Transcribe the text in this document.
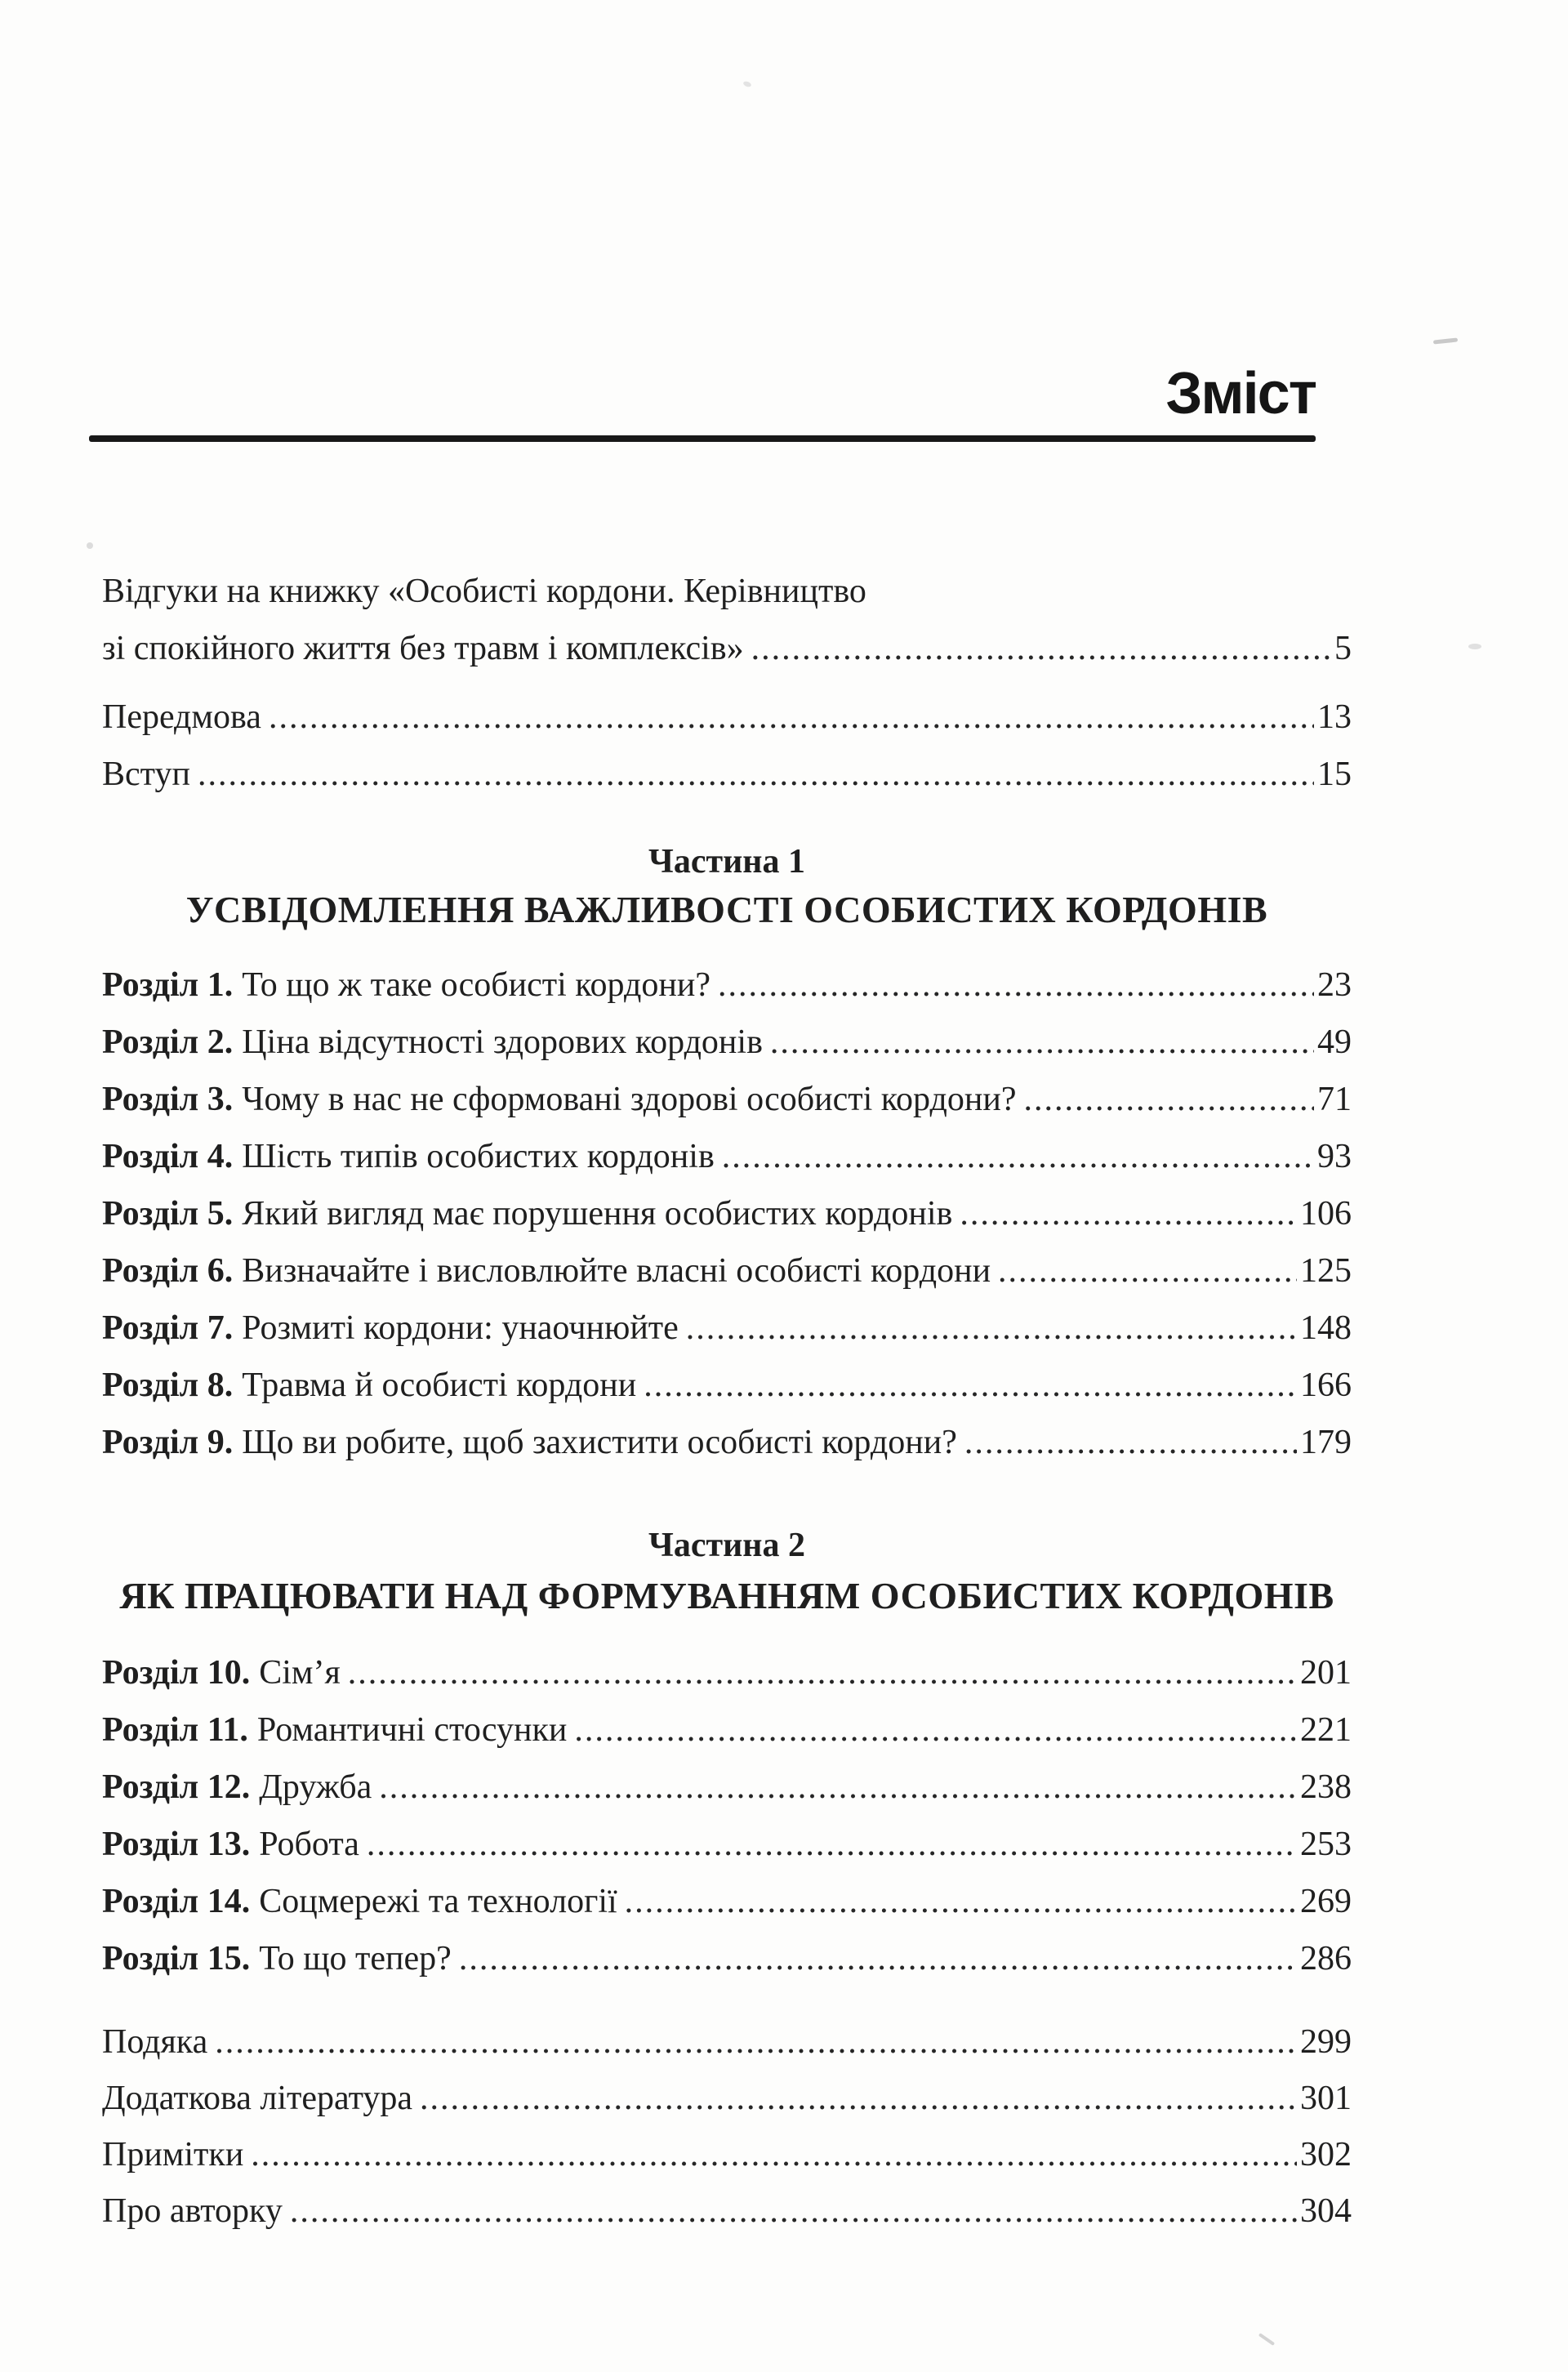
Зміст
Відгуки на книжку «Особисті кордони. Керівництво
зі спокійного життя без травм і комплексів» .....	5
Передмова .....	13
Вступ .....	15
Частина 1
УСВІДОМЛЕННЯ ВАЖЛИВОСТІ ОСОБИСТИХ КОРДОНІВ
Розділ 1. То що ж таке особисті кордони? .....	23
Розділ 2. Ціна відсутності здорових кордонів .....	49
Розділ 3. Чому в нас не сформовані здорові особисті кордони? .....	71
Розділ 4. Шість типів особистих кордонів .....	93
Розділ 5. Який вигляд має порушення особистих кордонів .....	106
Розділ 6. Визначайте і висловлюйте власні особисті кордони .....	125
Розділ 7. Розмиті кордони: унаочнюйте .....	148
Розділ 8. Травма й особисті кордони .....	166
Розділ 9. Що ви робите, щоб захистити особисті кордони? .....	179
Частина 2
ЯК ПРАЦЮВАТИ НАД ФОРМУВАННЯМ ОСОБИСТИХ КОРДОНІВ
Розділ 10. Сім’я .....	201
Розділ 11. Романтичні стосунки .....	221
Розділ 12. Дружба .....	238
Розділ 13. Робота .....	253
Розділ 14. Соцмережі та технології .....	269
Розділ 15. То що тепер? .....	286
Подяка .....	299
Додаткова література .....	301
Примітки .....	302
Про авторку .....	304
